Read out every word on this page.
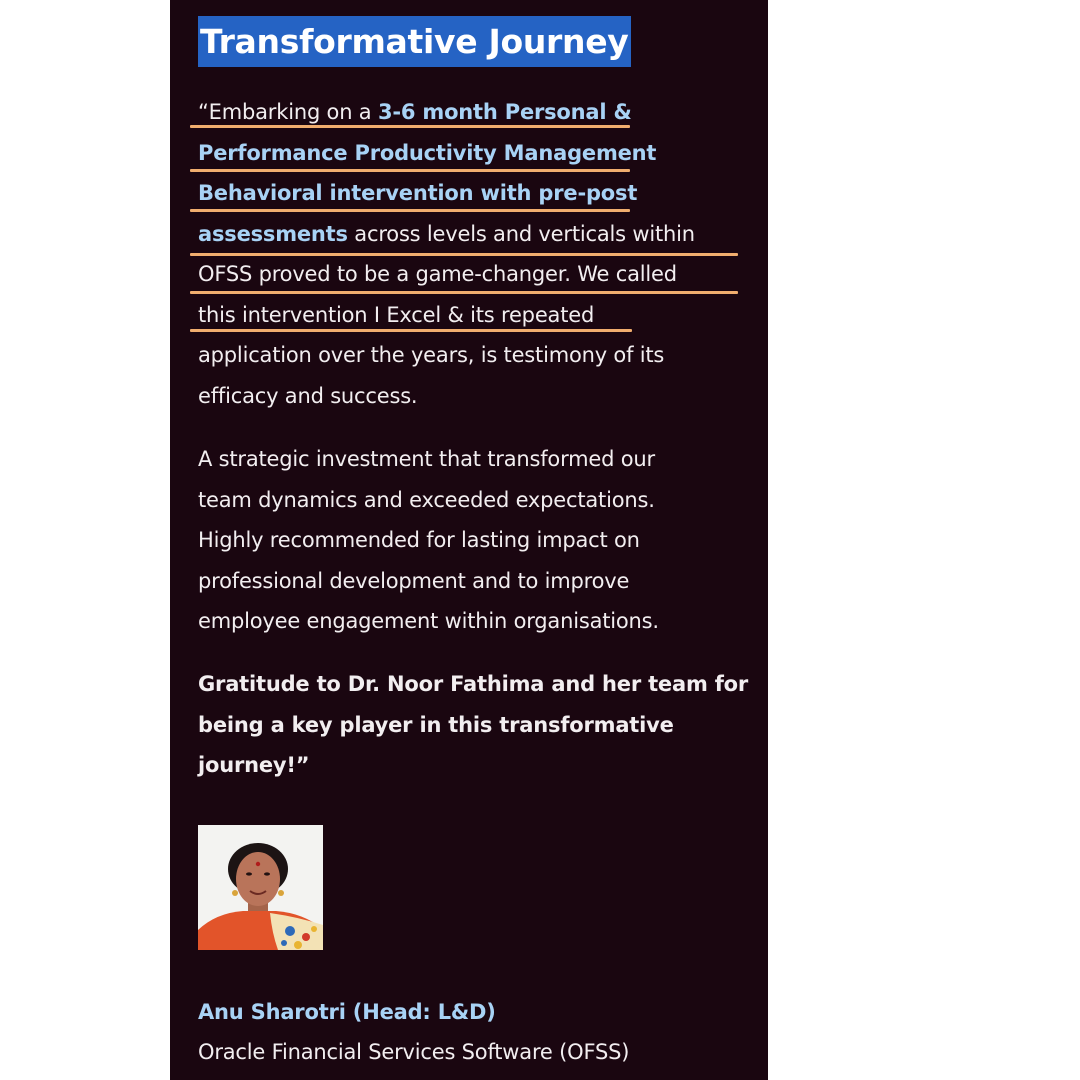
Transformative Journey
“Embarking on a 3-6 month Personal &
Performance Productivity Management
Behavioral intervention with pre-post
assessments across levels and verticals within
OFSS proved to be a game-changer. We called
this intervention I Excel & its repeated
application over the years, is testimony of its
efficacy and success.
A strategic investment that transformed our
team dynamics and exceeded expectations.
Highly recommended for lasting impact on
professional development and to improve
employee engagement within organisations.
Gratitude to Dr. Noor Fathima and her team for
being a key player in this transformative
journey!”
Anu Sharotri (Head: L&D)
Oracle Financial Services Software (OFSS)
